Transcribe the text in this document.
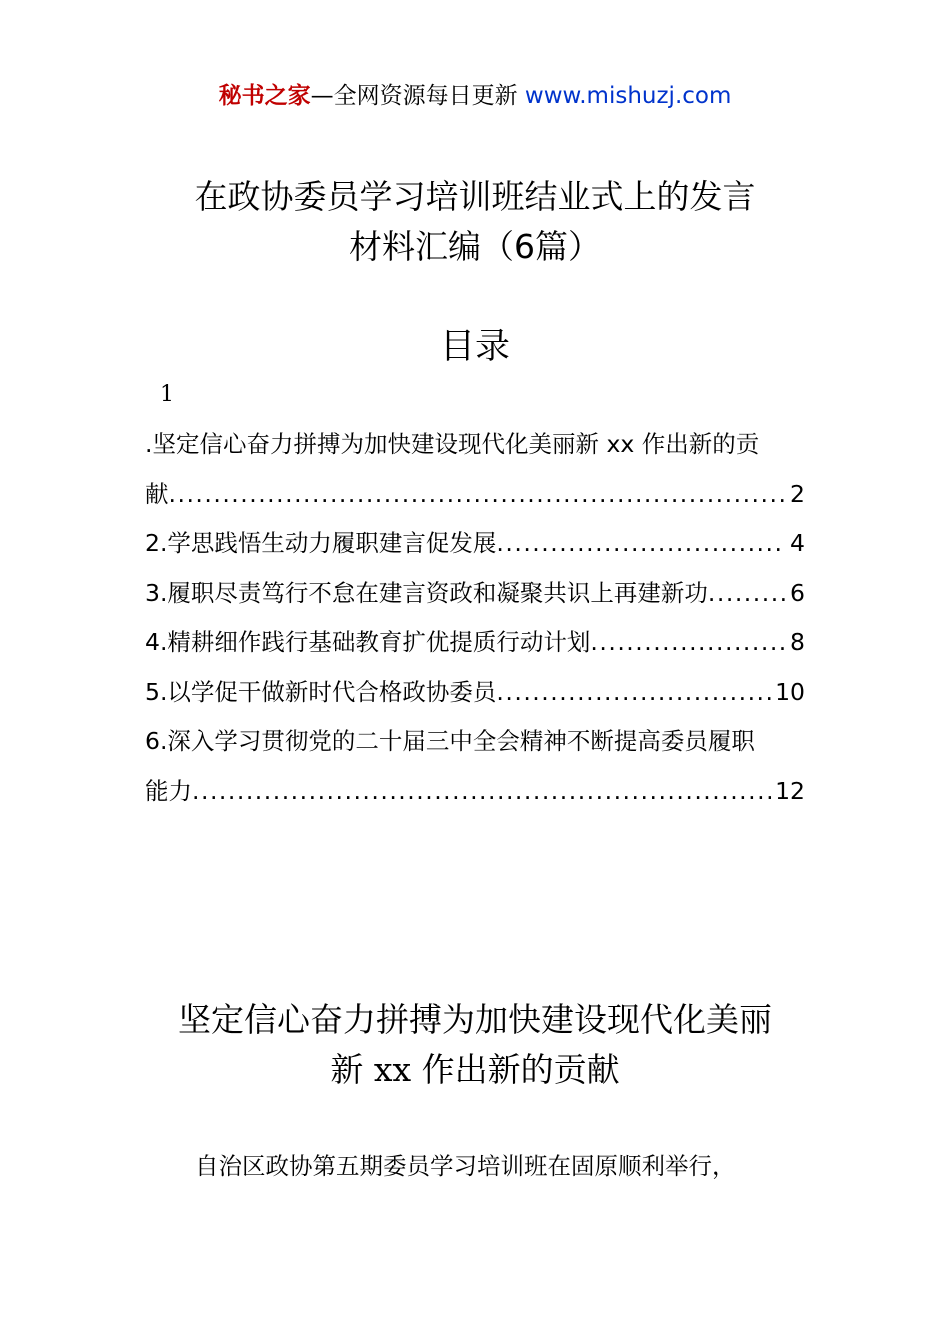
秘书之家—全网资源每日更新 www.mishuzj.com
在政协委员学习培训班结业式上的发言
材料汇编（6篇）
目录
1
.坚定信心奋力拼搏为加快建设现代化美丽新 xx 作出新的贡
献 .....	2
2.学思践悟生动力履职建言促发展 .....	4
3.履职尽责笃行不怠在建言资政和凝聚共识上再建新功 .....	6
4.精耕细作践行基础教育扩优提质行动计划 .....	8
5.以学促干做新时代合格政协委员 .....	10
6.深入学习贯彻党的二十届三中全会精神不断提高委员履职
能力 .....	12
坚定信心奋力拼搏为加快建设现代化美丽
新 xx 作出新的贡献
自治区政协第五期委员学习培训班在固原顺利举行，
